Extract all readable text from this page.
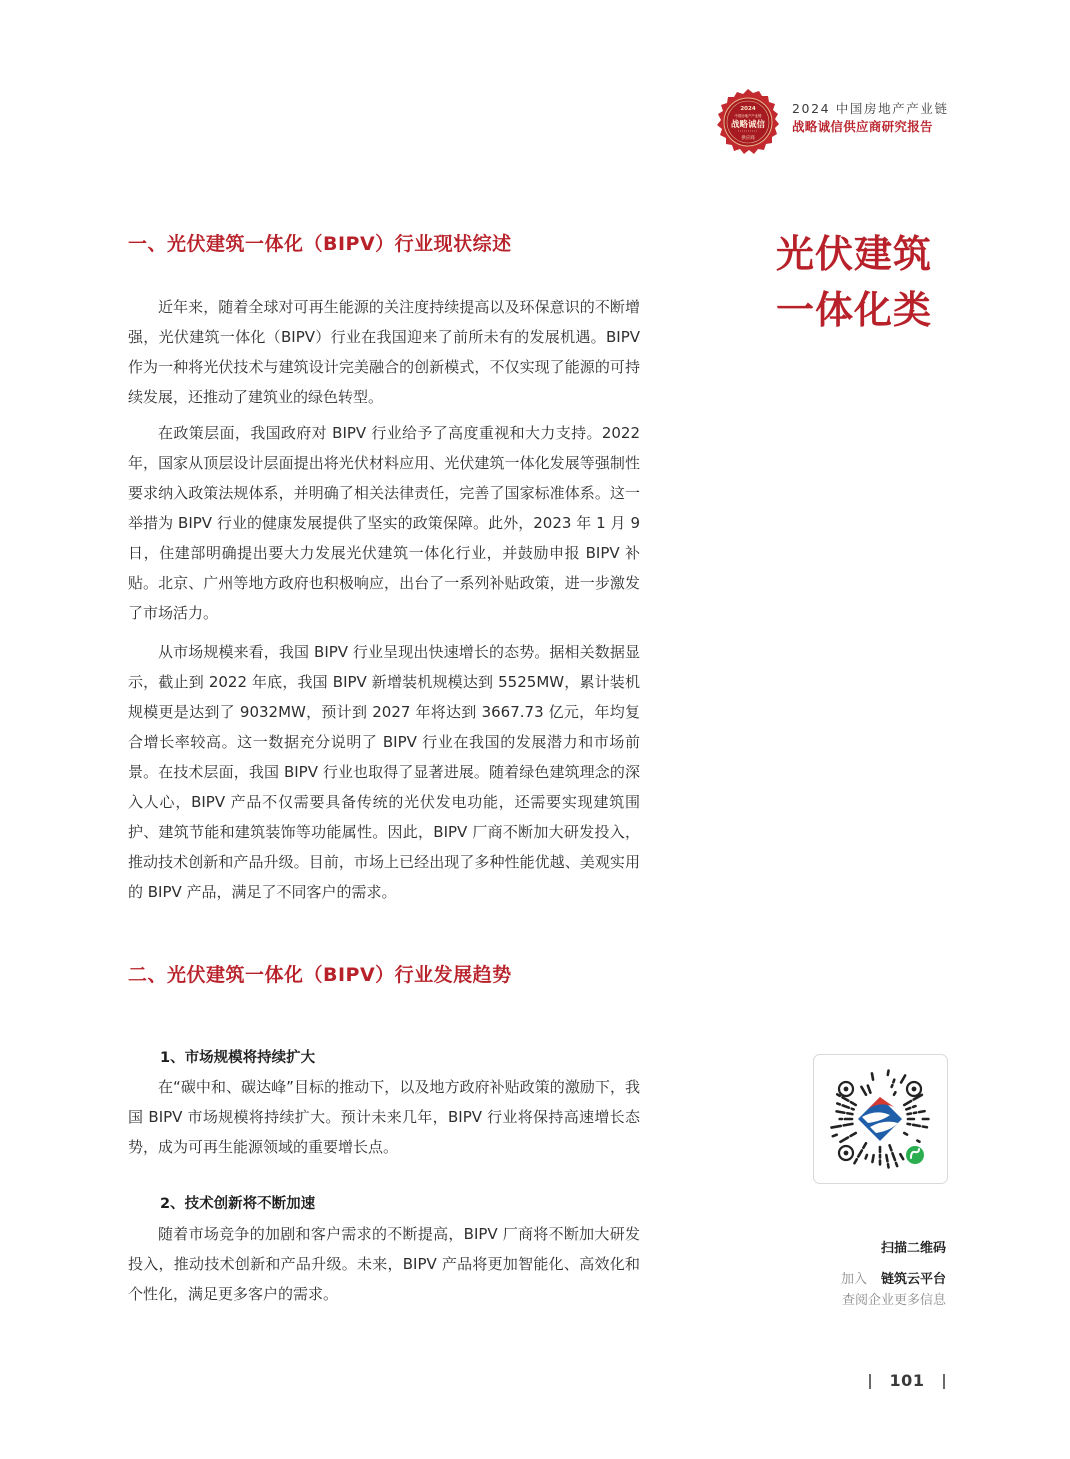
2024
中国房地产产业链
战略诚信
供应商
2024 中国房地产产业链
战略诚信供应商研究报告
光伏建筑
一体化类
一、光伏建筑一体化（BIPV）行业现状综述

近年来，随着全球对可再生能源的关注度持续提高以及环保意识的不断增强，光伏建筑一体化（BIPV）行业在我国迎来了前所未有的发展机遇。BIPV 作为一种将光伏技术与建筑设计完美融合的创新模式，不仅实现了能源的可持续发展，还推动了建筑业的绿色转型。

在政策层面，我国政府对 BIPV 行业给予了高度重视和大力支持。2022 年，国家从顶层设计层面提出将光伏材料应用、光伏建筑一体化发展等强制性要求纳入政策法规体系，并明确了相关法律责任，完善了国家标准体系。这一举措为 BIPV 行业的健康发展提供了坚实的政策保障。此外，2023 年 1 月 9 日，住建部明确提出要大力发展光伏建筑一体化行业，并鼓励申报 BIPV 补贴。北京、广州等地方政府也积极响应，出台了一系列补贴政策，进一步激发了市场活力。

从市场规模来看，我国 BIPV 行业呈现出快速增长的态势。据相关数据显示，截止到 2022 年底，我国 BIPV 新增装机规模达到 5525MW，累计装机规模更是达到了 9032MW，预计到 2027 年将达到 3667.73 亿元，年均复合增长率较高。这一数据充分说明了 BIPV 行业在我国的发展潜力和市场前景。在技术层面，我国 BIPV 行业也取得了显著进展。随着绿色建筑理念的深入人心，BIPV 产品不仅需要具备传统的光伏发电功能，还需要实现建筑围护、建筑节能和建筑装饰等功能属性。因此，BIPV 厂商不断加大研发投入，推动技术创新和产品升级。目前，市场上已经出现了多种性能优越、美观实用的 BIPV 产品，满足了不同客户的需求。

二、光伏建筑一体化（BIPV）行业发展趋势
1、市场规模将持续扩大

在“碳中和、碳达峰”目标的推动下，以及地方政府补贴政策的激励下，我国 BIPV 市场规模将持续扩大。预计未来几年，BIPV 行业将保持高速增长态势，成为可再生能源领域的重要增长点。

2、技术创新将不断加速

随着市场竞争的加剧和客户需求的不断提高，BIPV 厂商将不断加大研发投入，推动技术创新和产品升级。未来，BIPV 产品将更加智能化、高效化和个性化，满足更多客户的需求。

扫描二维码
加入 链筑云平台
查阅企业更多信息
101
